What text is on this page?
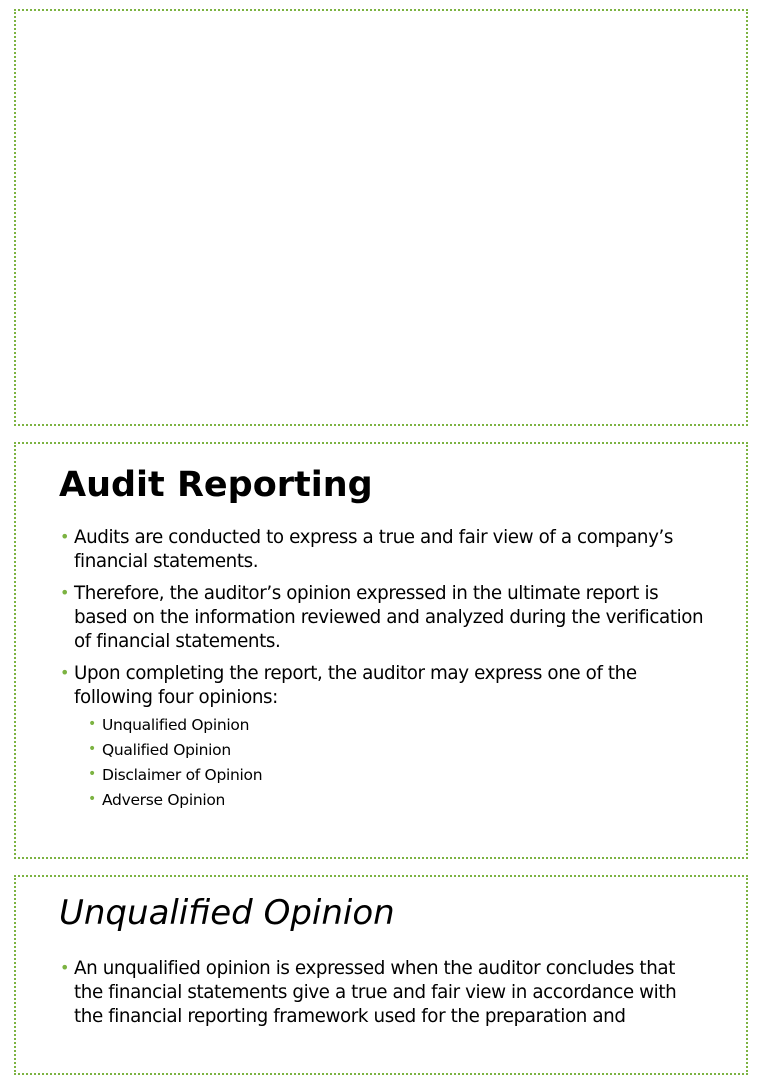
Audit Reporting
• Audits are conducted to express a true and fair view of a company’s financial statements.
• Therefore, the auditor’s opinion expressed in the ultimate report is based on the information reviewed and analyzed during the verification of financial statements.
• Upon completing the report, the auditor may express one of the following four opinions:
• Unqualified Opinion
• Qualified Opinion
• Disclaimer of Opinion
• Adverse Opinion
Unqualified Opinion
• An unqualified opinion is expressed when the auditor concludes that the financial statements give a true and fair view in accordance with the financial reporting framework used for the preparation and
